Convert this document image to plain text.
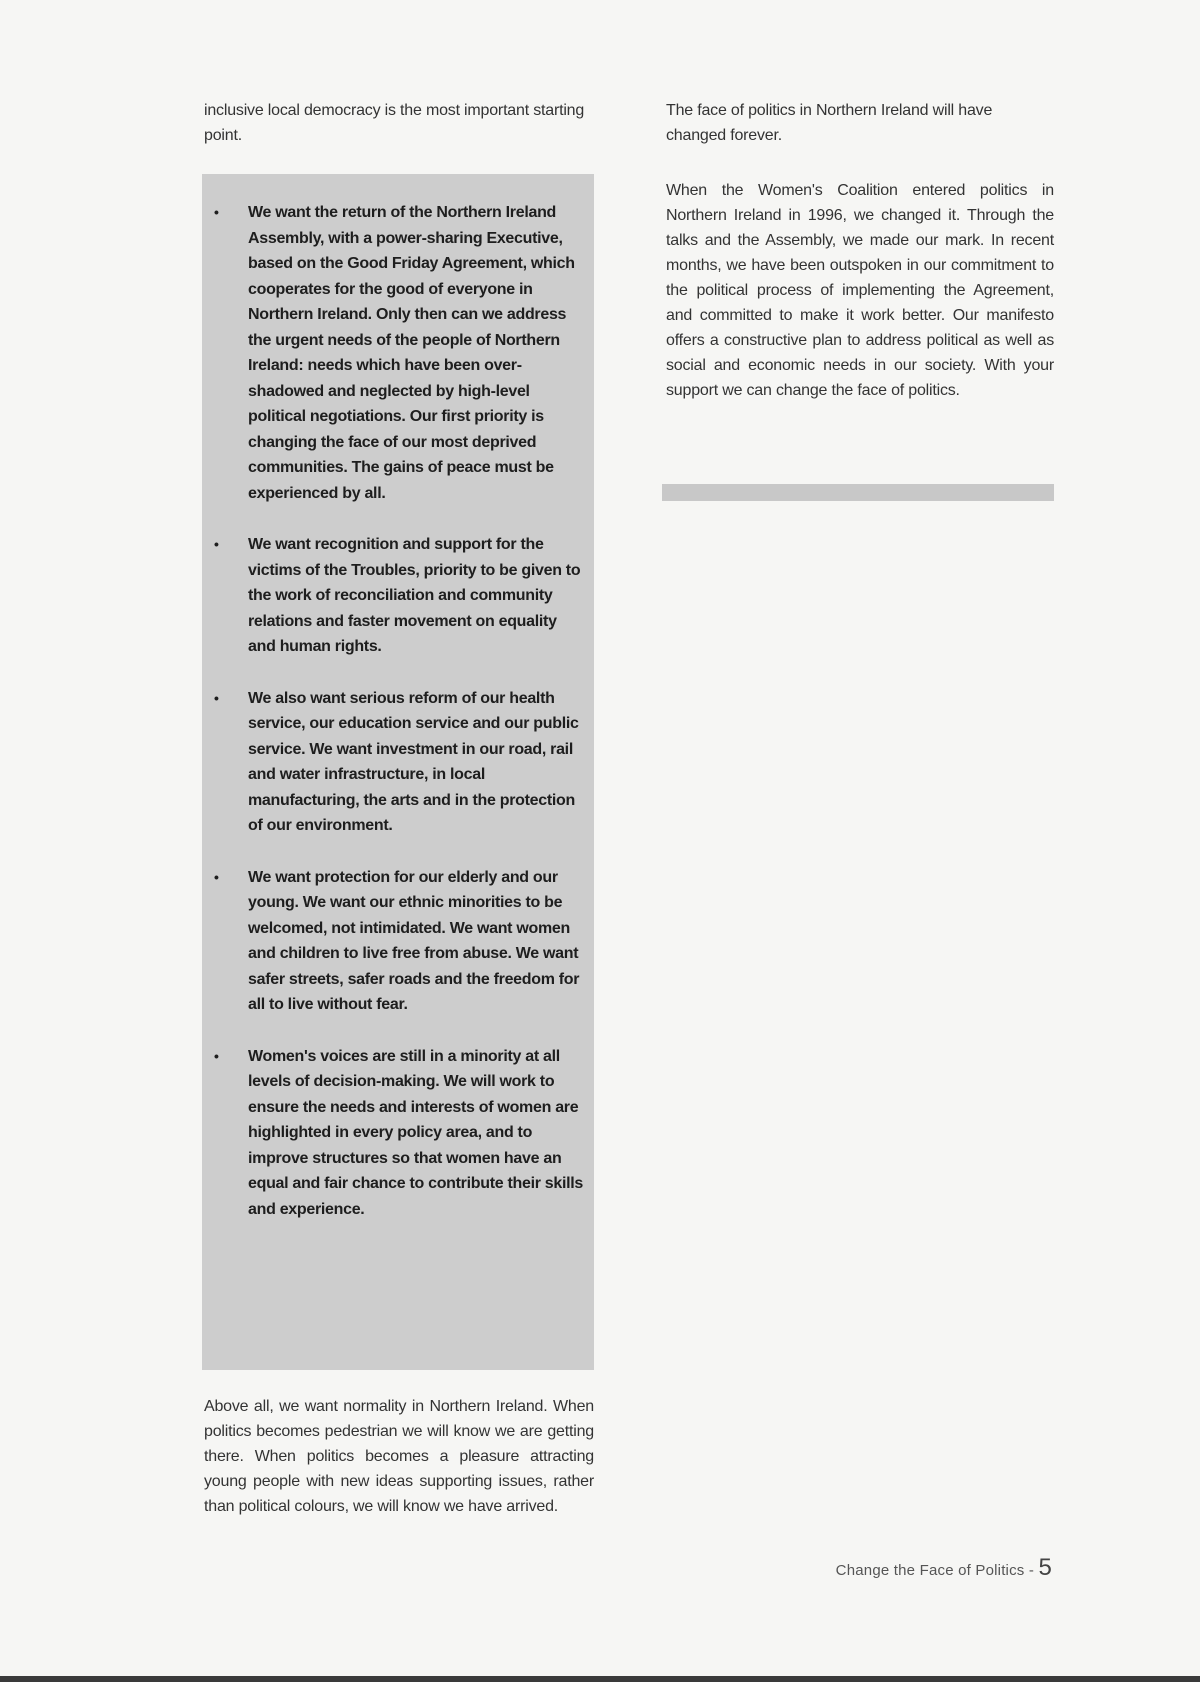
inclusive local democracy is the most important starting point.

• We want the return of the Northern Ireland Assembly, with a power-sharing Executive, based on the Good Friday Agreement, which cooperates for the good of everyone in Northern Ireland. Only then can we address the urgent needs of the people of Northern Ireland: needs which have been over-shadowed and neglected by high-level political negotiations. Our first priority is changing the face of our most deprived communities. The gains of peace must be experienced by all.
• We want recognition and support for the victims of the Troubles, priority to be given to the work of reconciliation and community relations and faster movement on equality and human rights.
• We also want serious reform of our health service, our education service and our public service. We want investment in our road, rail and water infrastructure, in local manufacturing, the arts and in the protection of our environment.
• We want protection for our elderly and our young. We want our ethnic minorities to be welcomed, not intimidated. We want women and children to live free from abuse. We want safer streets, safer roads and the freedom for all to live without fear.
• Women's voices are still in a minority at all levels of decision-making. We will work to ensure the needs and interests of women are highlighted in every policy area, and to improve structures so that women have an equal and fair chance to contribute their skills and experience.

Above all, we want normality in Northern Ireland. When politics becomes pedestrian we will know we are getting there. When politics becomes a pleasure attracting young people with new ideas supporting issues, rather than political colours, we will know we have arrived.

The face of politics in Northern Ireland will have changed forever.

When the Women's Coalition entered politics in Northern Ireland in 1996, we changed it. Through the talks and the Assembly, we made our mark. In recent months, we have been outspoken in our commitment to the political process of implementing the Agreement, and committed to make it work better. Our manifesto offers a constructive plan to address political as well as social and economic needs in our society. With your support we can change the face of politics.

Change the Face of Politics - 5
